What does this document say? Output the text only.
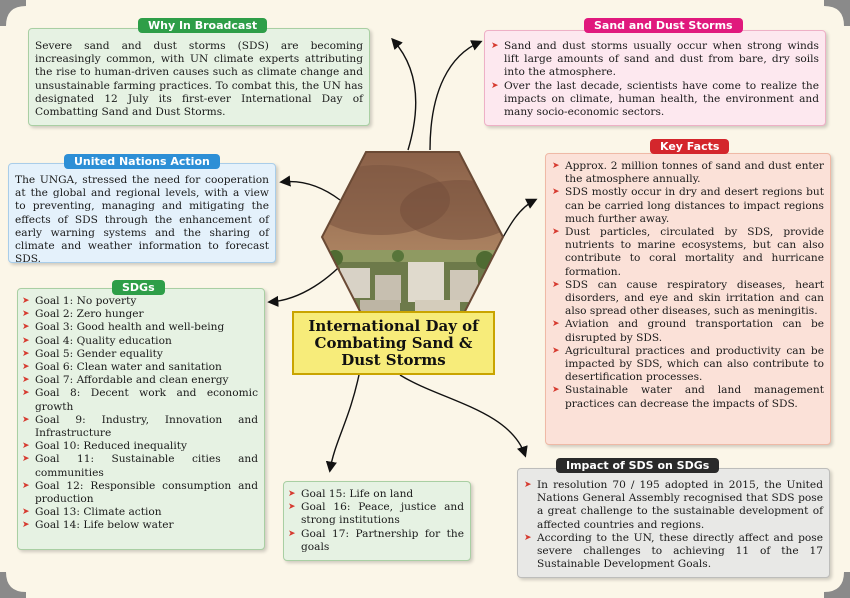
Severe sand and dust storms (SDS) are becoming increasingly common, with UN climate experts attributing the rise to human-driven causes such as climate change and unsustainable farming practices. To combat this, the UN has designated 12 July its first-ever International Day of Combatting Sand and Dust Storms.
Why In Broadcast
➤ Sand and dust storms usually occur when strong winds lift large amounts of sand and dust from bare, dry soils into the atmosphere.
➤ Over the last decade, scientists have come to realize the impacts on climate, human health, the environment and many socio-economic sectors.
Sand and Dust Storms
The UNGA, stressed the need for cooperation at the global and regional levels, with a view to preventing, managing and mitigating the effects of SDS through the enhancement of early warning systems and the sharing of climate and weather information to forecast SDS.
United Nations Action
International Day of Combating Sand & Dust Storms
➤ Approx. 2 million tonnes of sand and dust enter the atmosphere annually.
➤ SDS mostly occur in dry and desert regions but can be carried long distances to impact regions much further away.
➤ Dust particles, circulated by SDS, provide nutrients to marine ecosystems, but can also contribute to coral mortality and hurricane formation.
➤ SDS can cause respiratory diseases, heart disorders, and eye and skin irritation and can also spread other diseases, such as meningitis.
➤ Aviation and ground transportation can be disrupted by SDS.
➤ Agricultural practices and productivity can be impacted by SDS, which can also contribute to desertification processes.
➤ Sustainable water and land management practices can decrease the impacts of SDS.
Key Facts
➤ Goal 1: No poverty
➤ Goal 2: Zero hunger
➤ Goal 3: Good health and well-being
➤ Goal 4: Quality education
➤ Goal 5: Gender equality
➤ Goal 6: Clean water and sanitation
➤ Goal 7: Affordable and clean energy
➤ Goal 8: Decent work and economic growth
➤ Goal 9: Industry, Innovation and Infrastructure
➤ Goal 10: Reduced inequality
➤ Goal 11: Sustainable cities and communities
➤ Goal 12: Responsible consumption and production
➤ Goal 13: Climate action
➤ Goal 14: Life below water
SDGs
➤ Goal 15: Life on land
➤ Goal 16: Peace, justice and strong institutions
➤ Goal 17: Partnership for the goals
➤ In resolution 70 / 195 adopted in 2015, the United Nations General Assembly recognised that SDS pose a great challenge to the sustainable development of affected countries and regions.
➤ According to the UN, these directly affect and pose severe challenges to achieving 11 of the 17 Sustainable Development Goals.
Impact of SDS on SDGs
